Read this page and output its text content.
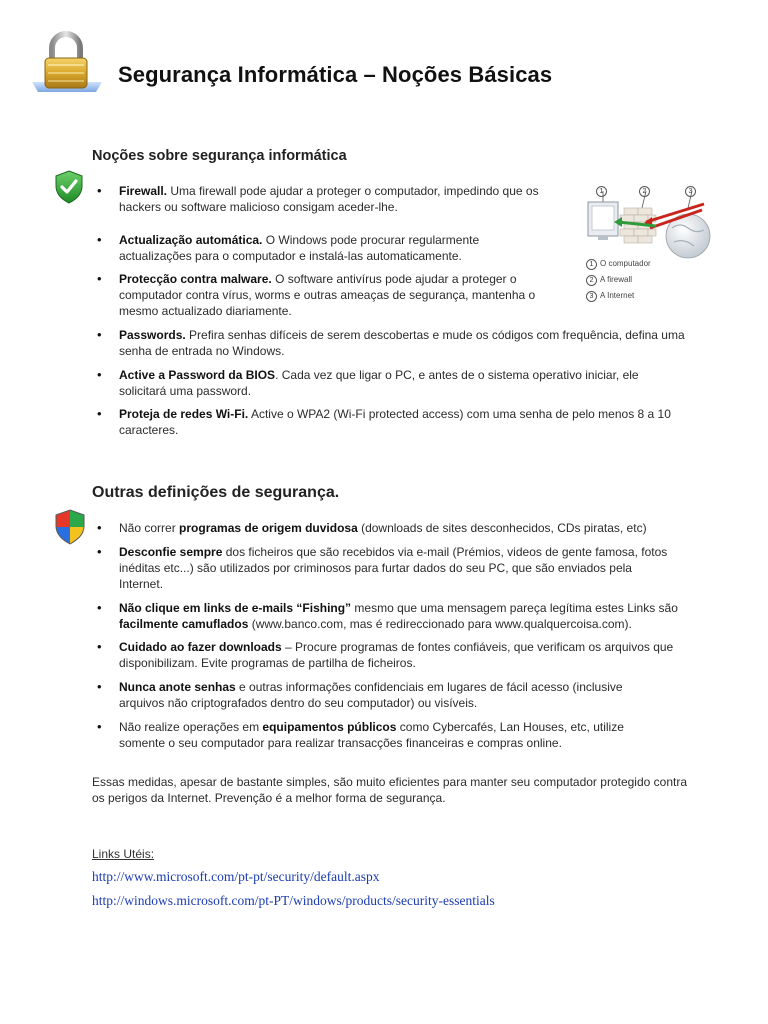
Segurança Informática – Noções Básicas
Noções sobre segurança informática
• Firewall. Uma firewall pode ajudar a proteger o computador, impedindo que os hackers ou software malicioso consigam aceder-lhe.
• Actualização automática. O Windows pode procurar regularmente actualizações para o computador e instalá-las automaticamente.
• Protecção contra malware. O software antivírus pode ajudar a proteger o computador contra vírus, worms e outras ameaças de segurança, mantenha o mesmo actualizado diariamente.
• Passwords. Prefira senhas difíceis de serem descobertas e mude os códigos com frequência, defina uma senha de entrada no Windows.
• Active a Password da BIOS. Cada vez que ligar o PC, e antes de o sistema operativo iniciar, ele solicitará uma password.
• Proteja de redes Wi-Fi. Active o WPA2 (Wi-Fi protected access) com uma senha de pelo menos 8 a 10 caracteres.
1	2	3
1 O computador
2 A firewall
3 A Internet
Outras definições de segurança.
• Não correr programas de origem duvidosa (downloads de sites desconhecidos, CDs piratas, etc)
• Desconfie sempre dos ficheiros que são recebidos via e-mail (Prémios, videos de gente famosa, fotos inéditas etc...) são utilizados por criminosos para furtar dados do seu PC, que são enviados pela Internet.
• Não clique em links de e-mails “Fishing” mesmo que uma mensagem pareça legítima estes Links são facilmente camuflados (www.banco.com, mas é redireccionado para www.qualquercoisa.com).
• Cuidado ao fazer downloads – Procure programas de fontes confiáveis, que verificam os arquivos que disponibilizam. Evite programas de partilha de ficheiros.
• Nunca anote senhas e outras informações confidenciais em lugares de fácil acesso (inclusive arquivos não criptografados dentro do seu computador) ou visíveis.
• Não realize operações em equipamentos públicos como Cybercafés, Lan Houses, etc, utilize somente o seu computador para realizar transacções financeiras e compras online.
Essas medidas, apesar de bastante simples, são muito eficientes para manter seu computador protegido contra os perigos da Internet. Prevenção é a melhor forma de segurança.
Links Utéis:
http://www.microsoft.com/pt-pt/security/default.aspx
http://windows.microsoft.com/pt-PT/windows/products/security-essentials
